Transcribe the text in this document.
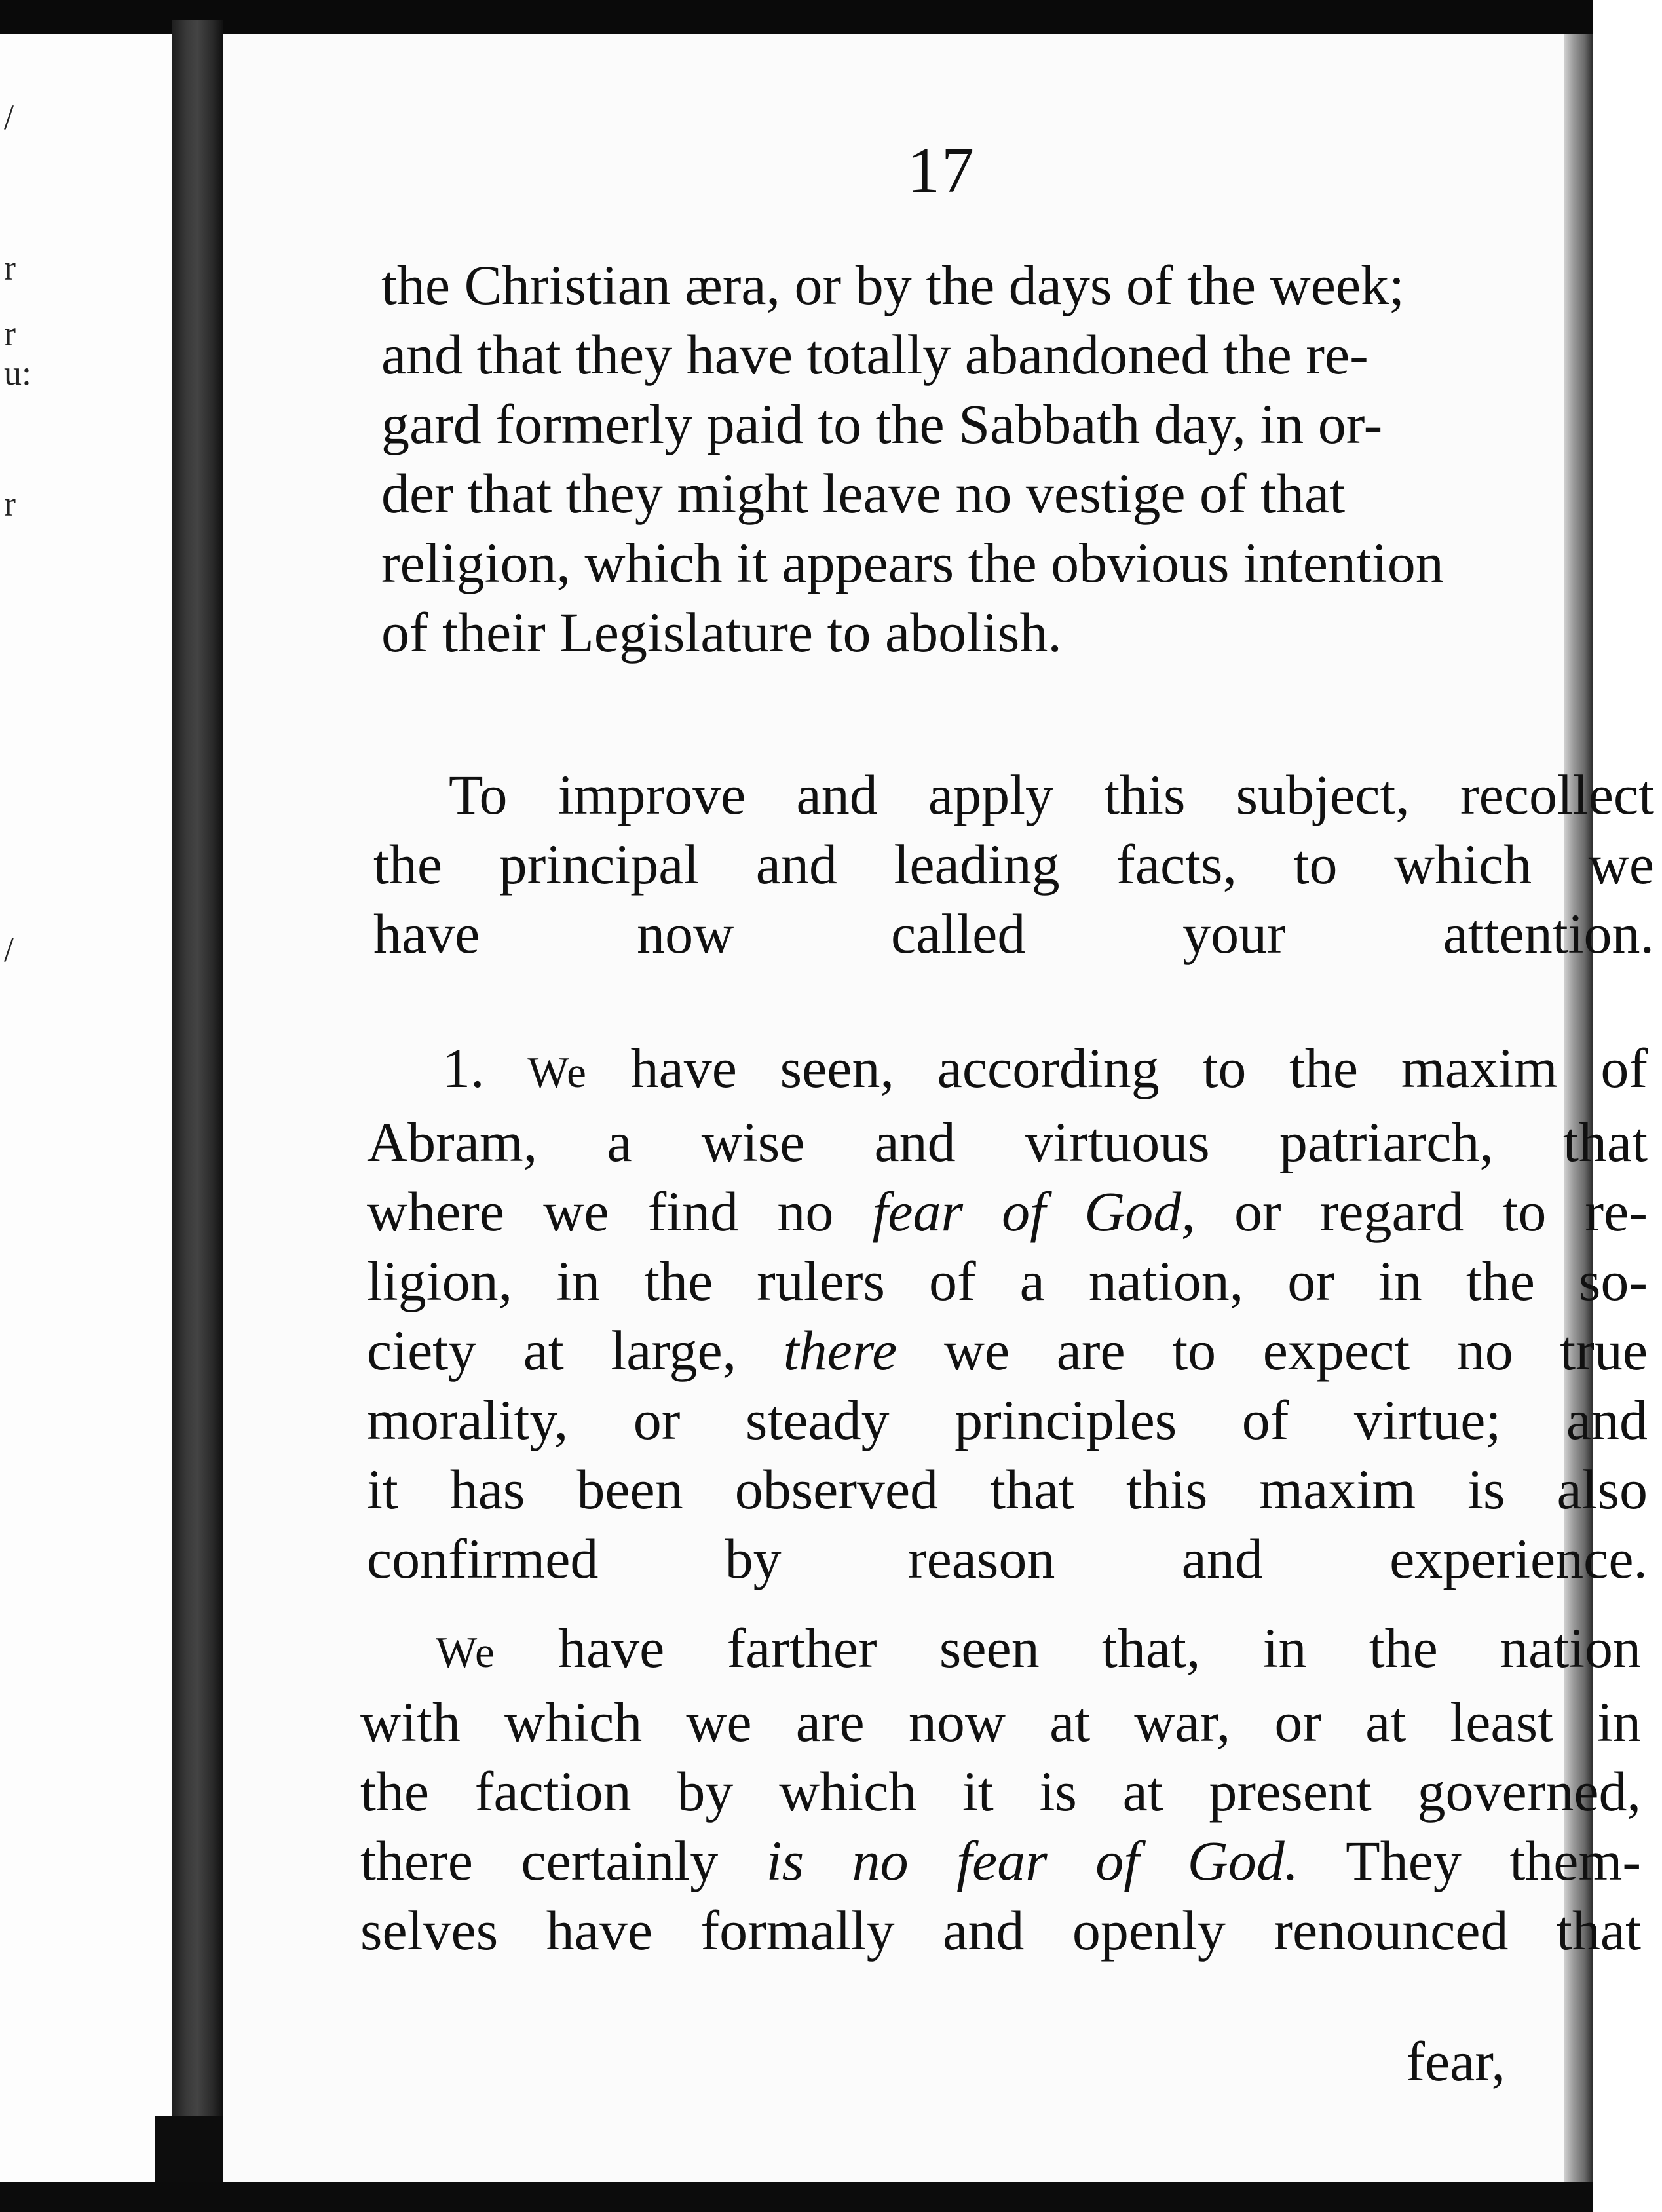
/
r
r
u:
r
/
17

the Christian æra, or by the days of the week;
and that they have totally abandoned the re-
gard formerly paid to the Sabbath day, in or-
der that they might leave no vestige of that
religion, which it appears the obvious intention
of their Legislature to abolish.

To improve and apply this subject, recollect
the principal and leading facts, to which we
have now called your attention.

1. We have seen, according to the maxim of
Abram, a wise and virtuous patriarch, that
where we find no fear of God, or regard to re-
ligion, in the rulers of a nation, or in the so-
ciety at large, there we are to expect no true
morality, or steady principles of virtue; and
it has been observed that this maxim is also
confirmed by reason and experience.

We have farther seen that, in the nation
with which we are now at war, or at least in
the faction by which it is at present governed,
there certainly is no fear of God. They them-
selves have formally and openly renounced that

fear,
